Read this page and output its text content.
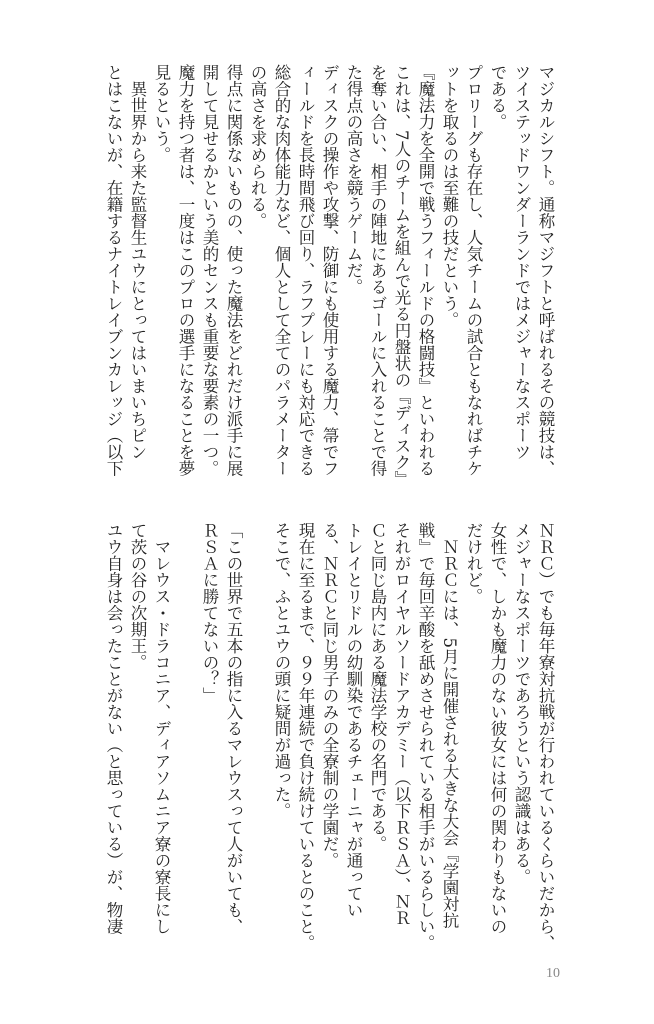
マジカルシフト。通称マジフトと呼ばれるその競技は、
ツイステッドワンダーランドではメジャーなスポーツ
である。
プロリーグも存在し、人気チームの試合ともなればチケ
ットを取るのは至難の技だという。
『魔法力を全開で戦うフィールドの格闘技』といわれる
これは、7人のチームを組んで光る円盤状の『ディスク』
を奪い合い、相手の陣地にあるゴールに入れることで得
た得点の高さを競うゲームだ。
ディスクの操作や攻撃、防御にも使用する魔力、箒でフ
ィールドを長時間飛び回り、ラフプレーにも対応できる
総合的な肉体能力など、個人として全てのパラメーター
の高さを求められる。
得点に関係ないものの、使った魔法をどれだけ派手に展
開して見せるかという美的センスも重要な要素の一つ。
魔力を持つ者は、一度はこのプロの選手になることを夢
見るという。
　異世界から来た監督生ユウにとってはいまいちピン
とはこないが、在籍するナイトレイブンカレッジ（以下
ＮＲＣ）でも毎年寮対抗戦が行われているくらいだから、
メジャーなスポーツであろうという認識はある。
女性で、しかも魔力のない彼女には何の関わりもないの
だけれど。
　ＮＲＣには、5月に開催される大きな大会『学園対抗
戦』で毎回辛酸を舐めさせられている相手がいるらしい。
それがロイヤルソードアカデミー（以下ＲＳＡ）、ＮＲ
Ｃと同じ島内にある魔法学校の名門である。
トレイとリドルの幼馴染であるチェーニャが通ってい
る、ＮＲＣと同じ男子のみの全寮制の学園だ。
現在に至るまで、９９年連続で負け続けているとのこと。
そこで、ふとユウの頭に疑問が過った。
「この世界で五本の指に入るマレウスって人がいても、
ＲＳＡに勝てないの？」
　マレウス・ドラコニア、ディアソムニア寮の寮長にし
て茨の谷の次期王。
ユウ自身は会ったことがない（と思っている）が、物凄
10
